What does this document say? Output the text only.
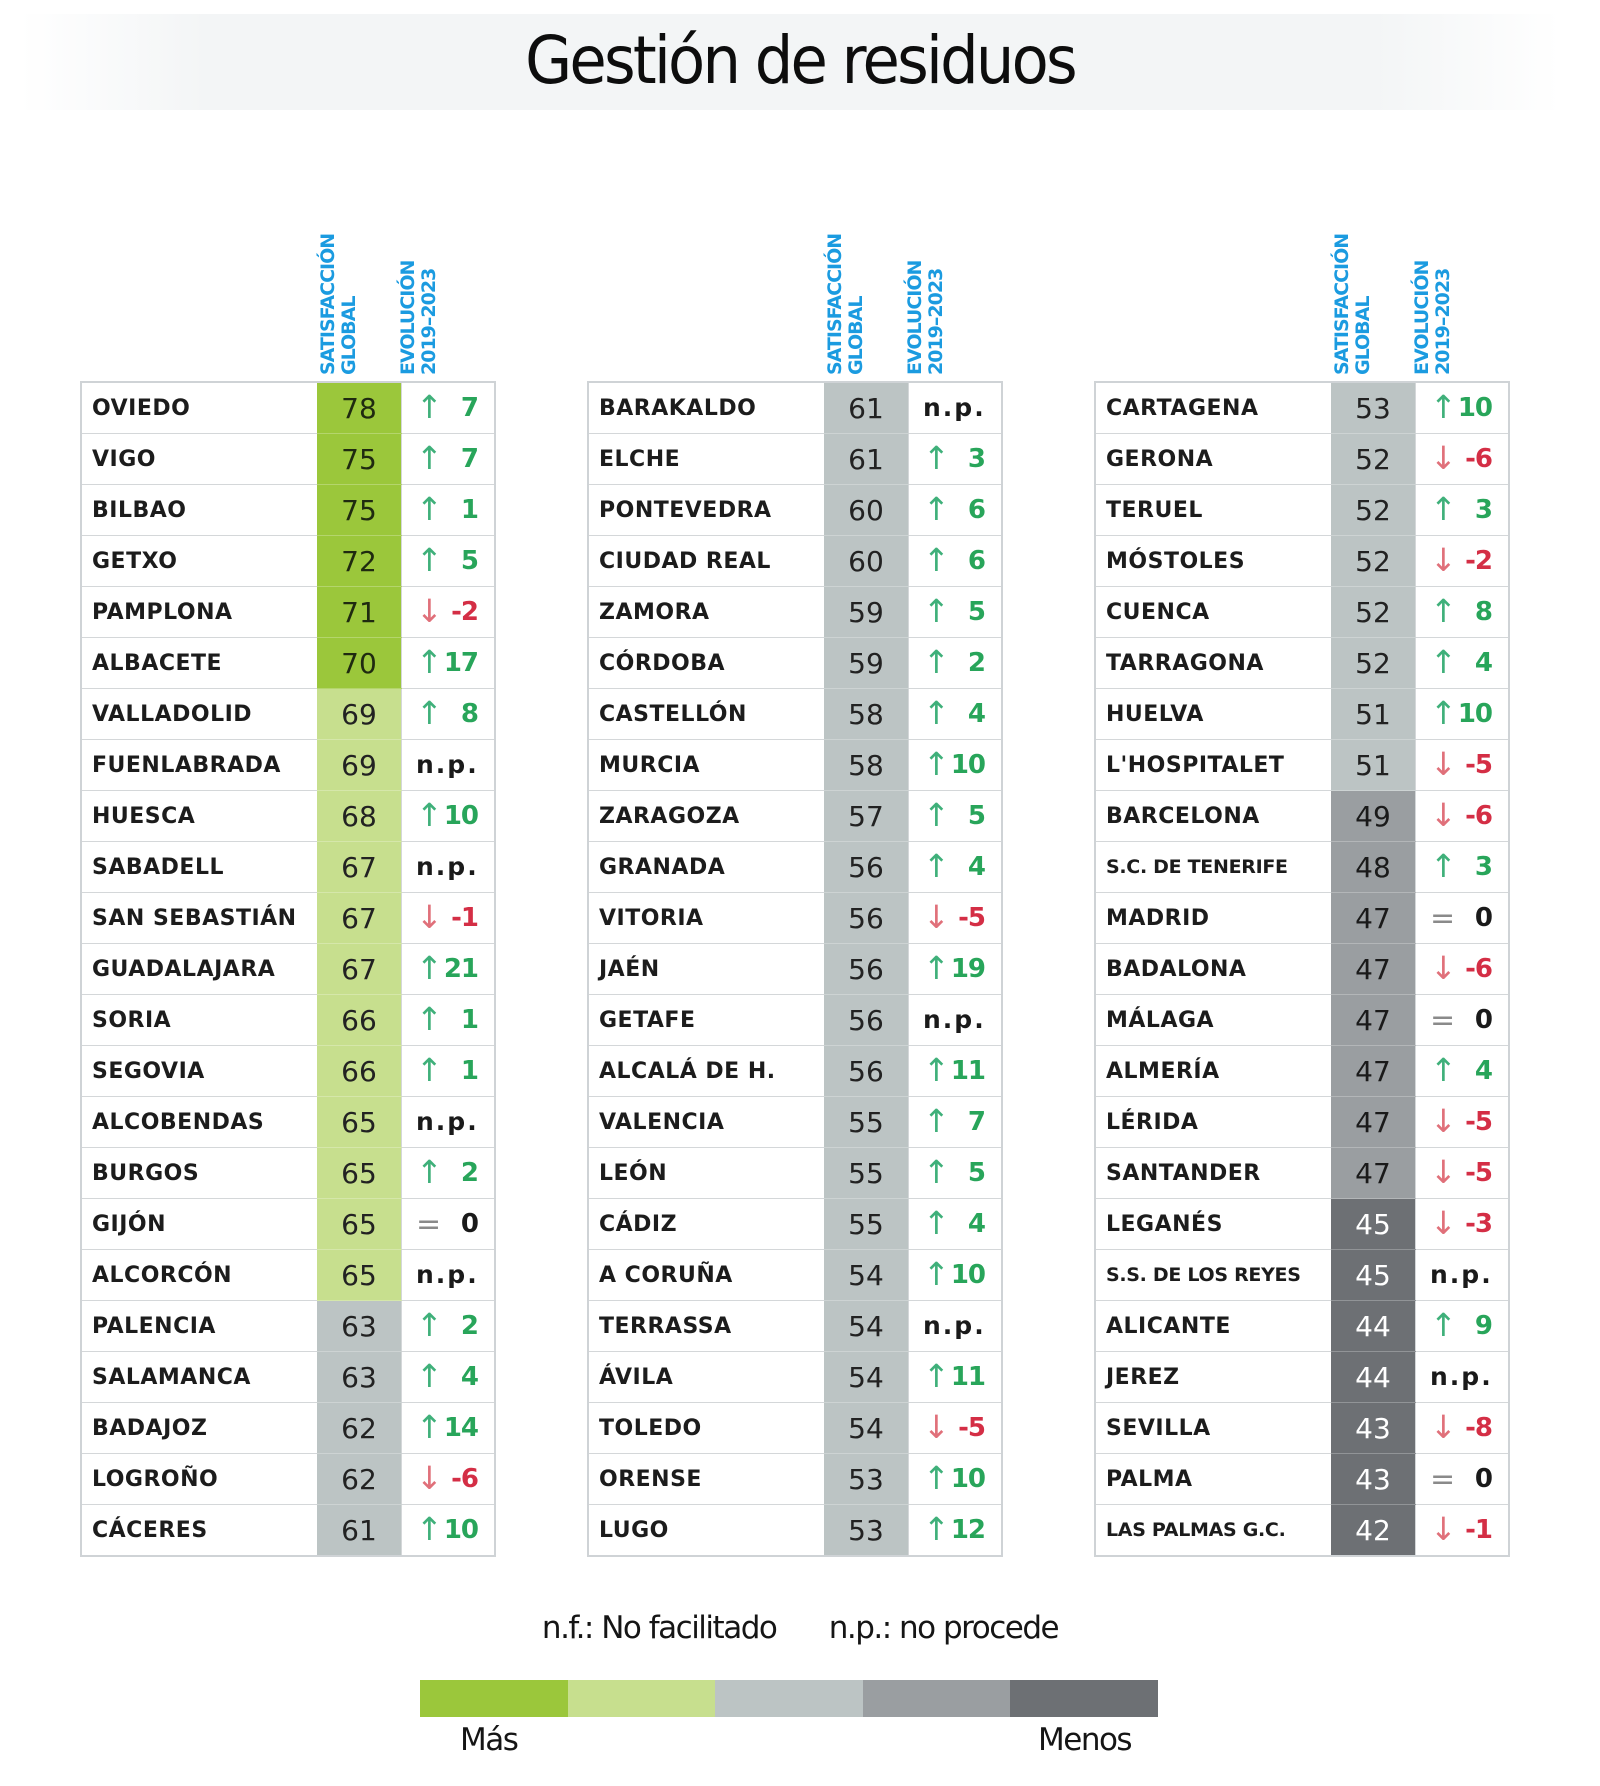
Gestión de residuos
SATISFACCIÓN GLOBAL EVOLUCIÓN 2019–2023
OVIEDO	78	↑ 7

VIGO	75	↑ 7

BILBAO	75	↑ 1

GETXO	72	↑ 5

PAMPLONA	71	↓ -2

ALBACETE	70	↑ 17

VALLADOLID	69	↑ 8

FUENLABRADA	69	n.p.

HUESCA	68	↑ 10

SABADELL	67	n.p.

SAN SEBASTIÁN	67	↓ -1

GUADALAJARA	67	↑ 21

SORIA	66	↑ 1

SEGOVIA	66	↑ 1

ALCOBENDAS	65	n.p.

BURGOS	65	↑ 2

GIJÓN	65	= 0

ALCORCÓN	65	n.p.

PALENCIA	63	↑ 2

SALAMANCA	63	↑ 4

BADAJOZ	62	↑ 14

LOGROÑO	62	↓ -6

CÁCERES	61	↑ 10
SATISFACCIÓN GLOBAL EVOLUCIÓN 2019–2023
BARAKALDO	61	n.p.

ELCHE	61	↑ 3

PONTEVEDRA	60	↑ 6

CIUDAD REAL	60	↑ 6

ZAMORA	59	↑ 5

CÓRDOBA	59	↑ 2

CASTELLÓN	58	↑ 4

MURCIA	58	↑ 10

ZARAGOZA	57	↑ 5

GRANADA	56	↑ 4

VITORIA	56	↓ -5

JAÉN	56	↑ 19

GETAFE	56	n.p.

ALCALÁ DE H.	56	↑ 11

VALENCIA	55	↑ 7

LEÓN	55	↑ 5

CÁDIZ	55	↑ 4

A CORUÑA	54	↑ 10

TERRASSA	54	n.p.

ÁVILA	54	↑ 11

TOLEDO	54	↓ -5

ORENSE	53	↑ 10

LUGO	53	↑ 12
SATISFACCIÓN GLOBAL EVOLUCIÓN 2019–2023
CARTAGENA	53	↑ 10

GERONA	52	↓ -6

TERUEL	52	↑ 3

MÓSTOLES	52	↓ -2

CUENCA	52	↑ 8

TARRAGONA	52	↑ 4

HUELVA	51	↑ 10

L'HOSPITALET	51	↓ -5

BARCELONA	49	↓ -6

S.C. DE TENERIFE	48	↑ 3

MADRID	47	= 0

BADALONA	47	↓ -6

MÁLAGA	47	= 0

ALMERÍA	47	↑ 4

LÉRIDA	47	↓ -5

SANTANDER	47	↓ -5

LEGANÉS	45	↓ -3

S.S. DE LOS REYES	45	n.p.

ALICANTE	44	↑ 9

JEREZ	44	n.p.

SEVILLA	43	↓ -8

PALMA	43	= 0

LAS PALMAS G.C.	42	↓ -1
n.f.: No facilitado n.p.: no procede
Más	Menos
